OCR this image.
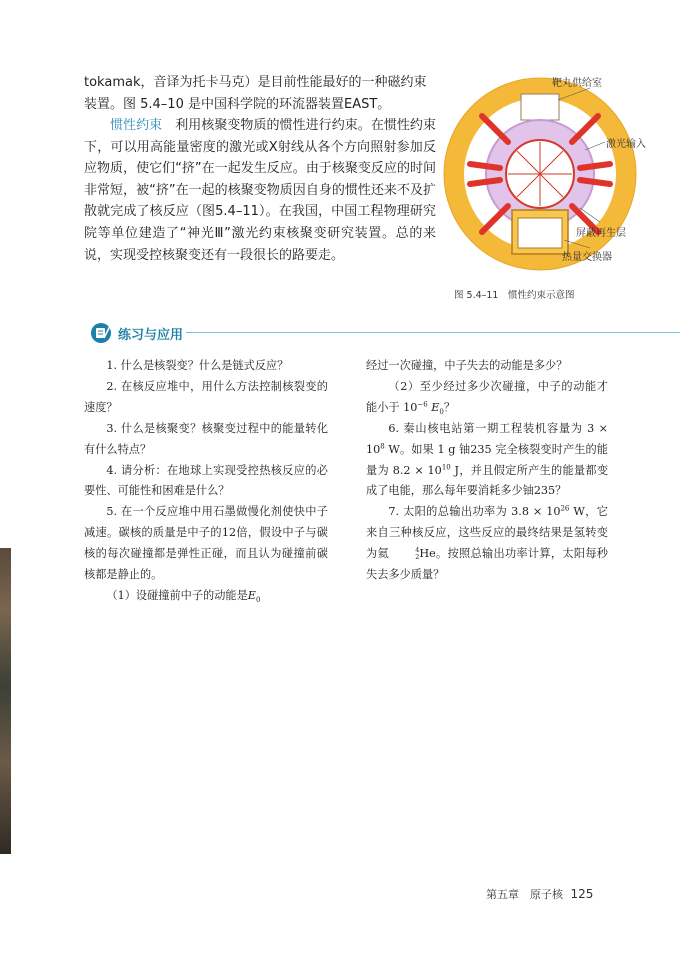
tokamak，音译为托卡马克）是目前性能最好的一种磁约束
装置。图 5.4–10 是中国科学院的环流器装置EAST。
惯性约束　 利用核聚变物质的惯性进行约束。在惯性约束下，可以用高能量密度的激光或X射线从各个方向照射参加反应物质，使它们“挤”在一起发生反应。由于核聚变反应的时间非常短，被“挤”在一起的核聚变物质因自身的惯性还来不及扩散就完成了核反应（图5.4–11）。在我国，中国工程物理研究院等单位建造了“神光Ⅲ”激光约束核聚变研究装置。总的来说，实现受控核聚变还有一段很长的路要走。
靶丸供给室
激光输入
屏蔽再生层
热量交换器
图 5.4–11　惯性约束示意图
练习与应用

1. 什么是核裂变？什么是链式反应？

2. 在核反应堆中，用什么方法控制核裂变的速度？

3. 什么是核聚变？核聚变过程中的能量转化有什么特点？

4. 请分析：在地球上实现受控热核反应的必要性、可能性和困难是什么？

5. 在一个反应堆中用石墨做慢化剂使快中子减速。碳核的质量是中子的12倍，假设中子与碳核的每次碰撞都是弹性正碰，而且认为碰撞前碳核都是静止的。

（1）设碰撞前中子的动能是$E_0$

经过一次碰撞，中子失去的动能是多少？

（2）至少经过多少次碰撞，中子的动能才能小于 $10^{-6}$ $E_0$？

6. 秦山核电站第一期工程装机容量为 $3 \times 10^8$ W。如果 1 g 铀235 完全核裂变时产生的能量为 $8.2 \times 10^{10}$ J，并且假定所产生的能量都变成了电能，那么每年要消耗多少铀235？

7. 太阳的总输出功率为 $3.8 \times 10^{26}$ W，它来自三种核反应，这些反应的最终结果是氢转变为氦	4
2 He。按照总输出功率计算，太阳每秒失去多少质量？

第五章　原子核 125
